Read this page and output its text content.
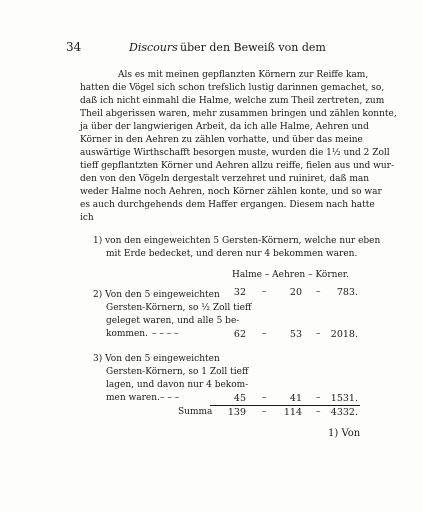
34	Discours über den Beweiß von dem
Als es mit meinen gepflanzten Körnern zur Reiffe kam,
hatten die Vögel sich schon trefslich lustig darinnen gemachet, so,
daß ich nicht einmahl die Halme, welche zum Theil zertreten, zum
Theil abgerissen waren, mehr zusammen bringen und zählen konnte,
ja über der langwierigen Arbeit, da ich alle Halme, Aehren und
Körner in den Aehren zu zählen vorhatte, und über das meine
auswärtige Wirthschafft besorgen muste, wurden die 1½ und 2 Zoll
tieff gepflantzten Körner und Aehren allzu reiffe, fielen aus und wur-
den von den Vögeln dergestalt verzehret und ruiniret, daß man
weder Halme noch Aehren, noch Körner zählen konte, und so war
es auch durchgehends dem Haffer ergangen. Diesem nach hatte
ich
1) von den eingeweichten 5 Gersten-Körnern, welche nur eben
mit Erde bedecket, und deren nur 4 bekommen waren.
Halme – Aehren – Körner.
32 –	20 –	783.
2) Von den 5 eingeweichten
Gersten-Körnern, so ½ Zoll tieff
geleget waren, und alle 5 be-
kommen. – – – –	62 –	53 –	2018.
3) Von den 5 eingeweichten
Gersten-Körnern, so 1 Zoll tieff
lagen, und davon nur 4 bekom-
men waren. – – –	45 –	41 –	1531.
Summa	139 –	114 –	4332.
1) Von
